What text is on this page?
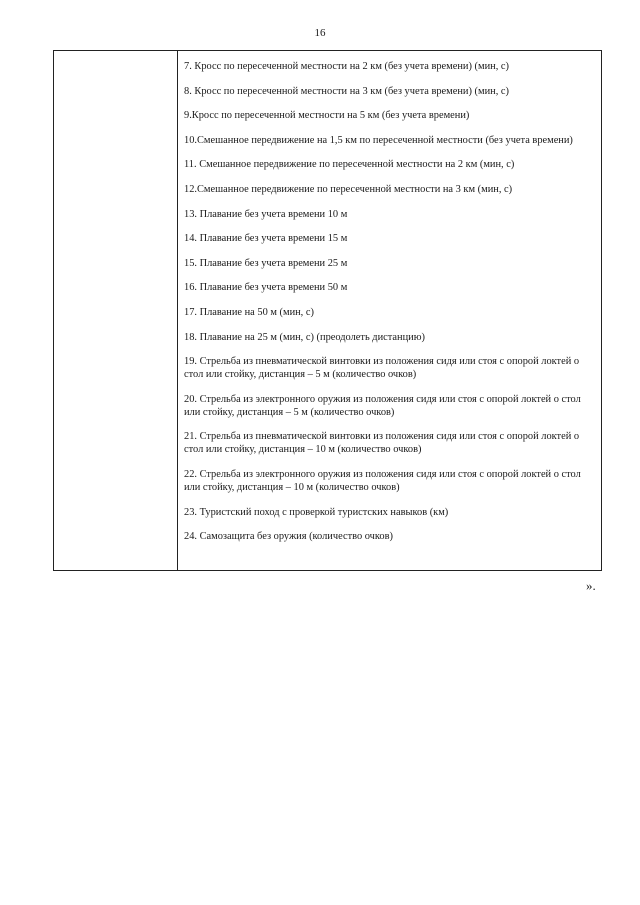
16
7. Кросс по пересеченной местности на 2 км (без учета времени) (мин, с)
8. Кросс по пересеченной местности на 3 км (без учета времени) (мин, с)
9.Кросс по пересеченной местности на 5 км (без учета времени)
10.Смешанное передвижение на 1,5 км по пересеченной местности (без учета времени)
11. Смешанное передвижение по пересеченной местности на 2 км (мин, с)
12.Смешанное передвижение по пересеченной местности на 3 км (мин, с)
13. Плавание без учета времени 10 м
14. Плавание без учета времени 15 м
15. Плавание без учета времени 25 м
16. Плавание без учета времени 50 м
17. Плавание на 50 м (мин, с)
18. Плавание на 25 м (мин, с) (преодолеть дистанцию)
19. Стрельба из пневматической винтовки из положения сидя или стоя с опорой локтей о стол или стойку, дистанция – 5 м (количество очков)
20. Стрельба из электронного оружия из положения сидя или стоя с опорой локтей о стол или стойку, дистанция – 5 м (количество очков)
21. Стрельба из пневматической винтовки из положения сидя или стоя с опорой локтей о стол или стойку, дистанция – 10 м (количество очков)
22. Стрельба из электронного оружия из положения сидя или стоя с опорой локтей о стол или стойку, дистанция – 10 м (количество очков)
23. Туристский поход с проверкой туристских навыков (км)
24. Самозащита без оружия (количество очков)
».
